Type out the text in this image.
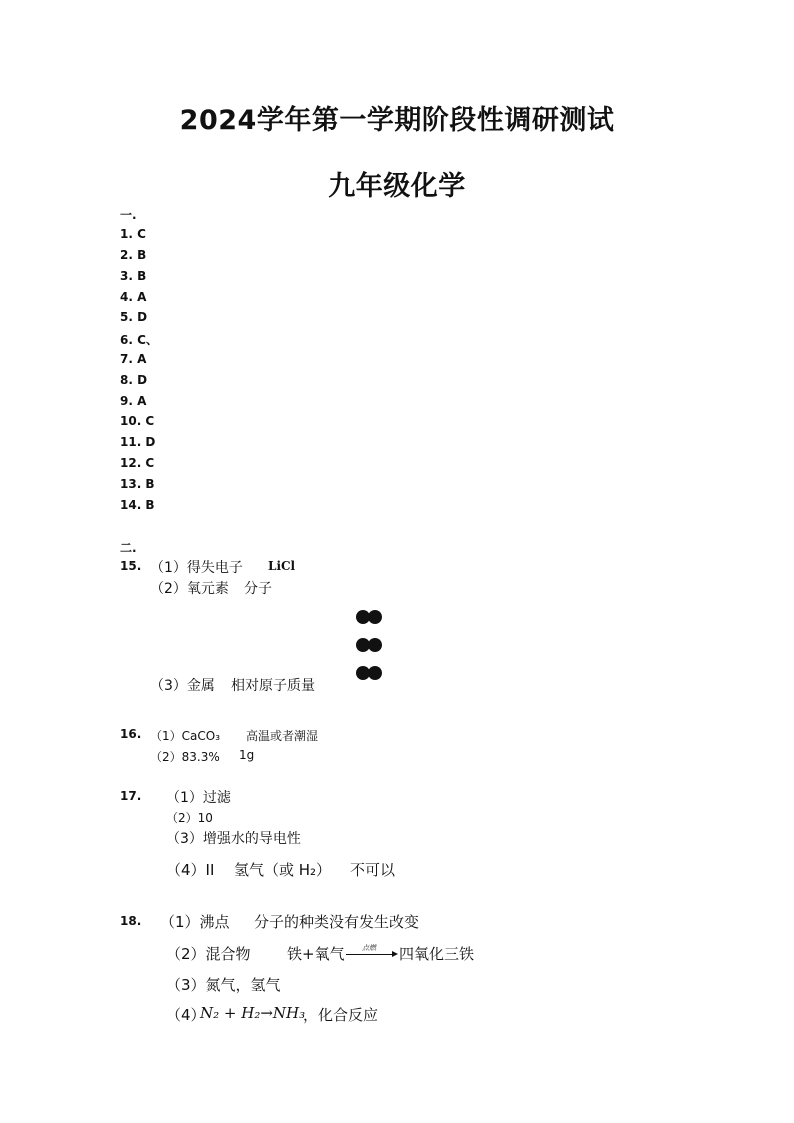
2024学年第一学期阶段性调研测试
九年级化学
一.
1. C
2. B
3. B
4. A
5. D
6. C、
7. A
8. D
9. A
10. C
11. D
12. C
13. B
14. B
二.
15. （1）得失电子 LiCl
（2）氧元素 分子
（3）金属 相对原子质量
16. （1）CaCO₃ 高温或者潮湿
（2）83.3% 1g
17. （1）过滤
（2）10
（3）增强水的导电性
（4）II 氢气（或 H₂） 不可以
18. （1）沸点 分子的种类没有发生改变
（2）混合物 铁+氧气 点燃 四氧化三铁
（3）氮气，氢气
（4）
N₂ + H₂→NH₃
，化合反应
